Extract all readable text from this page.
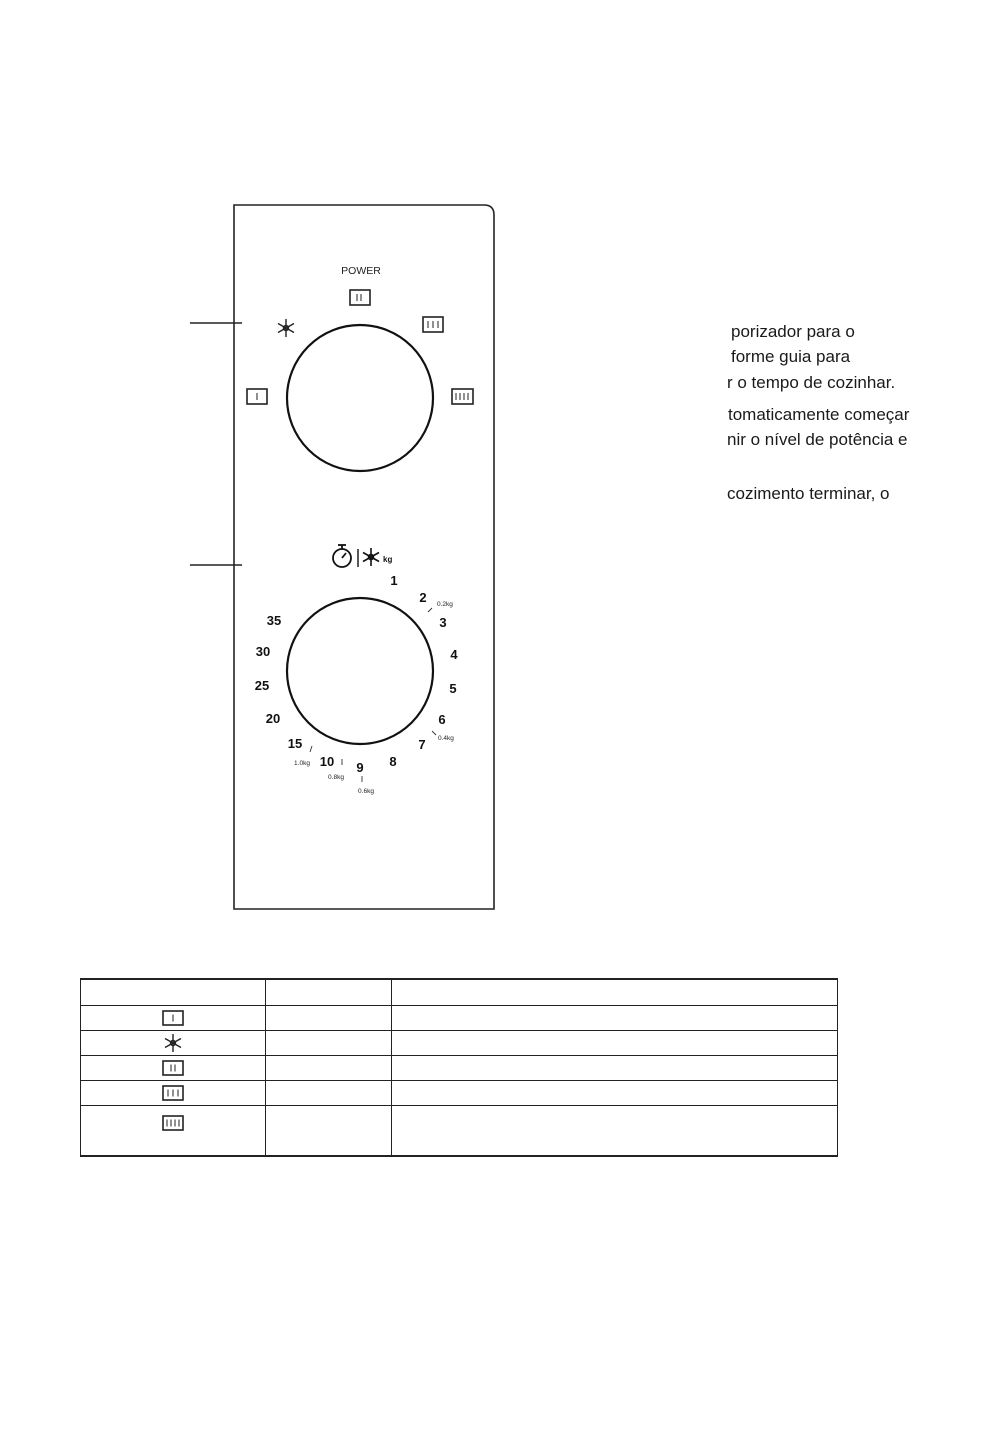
POWER
kg
1
2
3
4
5
6
7
8
9
10
15
20
25
30
35
0.2kg
0.4kg
0.6kg
0.8kg
1.0kg
porizador para o
forme guia para
r o tempo de cozinhar.
tomaticamente começar
nir o nível de potência e
cozimento terminar, o
